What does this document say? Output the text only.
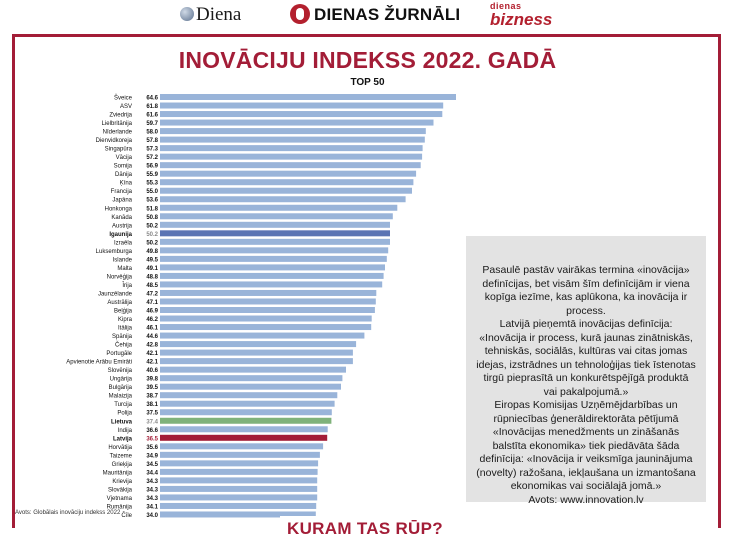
Diena	DIENAS ŽURNĀLI	dienas
bizness
INOVĀCIJU INDEKSS 2022. GADĀ
TOP 50
Šveice 64.6
ASV 61.8
Zviedrija 61.6
Lielbritānija 59.7
Nīderlande 58.0
Dienvidkoreja 57.8
Singapūra 57.3
Vācija 57.2
Somija 56.9
Dānija 55.9
Ķīna 55.3
Francija 55.0
Japāna 53.6
Honkonga 51.8
Kanāda 50.8
Austrija 50.2
Igaunija 50.2
Izraēla 50.2
Luksemburga 49.8
Islande 49.5
Malta 49.1
Norvēģija 48.8
Īrija 48.5
Jaunzēlande 47.2
Austrālija 47.1
Beļģija 46.9
Kipra 46.2
Itālija 46.1
Spānija 44.6
Čehija 42.8
Portugāle 42.1
Apvienotie Arābu Emirāti 42.1
Slovēnija 40.6
Ungārija 39.8
Bulgārija 39.5
Malaizija 38.7
Turcija 38.1
Polija 37.5
Lietuva 37.4
Indija 36.6
Latvija 36.5
Horvātija 35.6
Taizeme 34.9
Grieķija 34.5
Mauritānija 34.4
Krievija 34.3
Slovākija 34.3
Vjetnama 34.3
Rumānija 34.1
Čīle 34.0

Pasaulē pastāv vairākas termina «inovācija» definīcijas, bet visām šīm definīcijām ir viena kopīga iezīme, kas aplūkona, ka inovācija ir process.

Latvijā pieņemtā inovācijas definīcija:

«Inovācija ir process, kurā jaunas zinātniskās, tehniskās, sociālās, kultūras vai citas jomas idejas, izstrādnes un tehnoloģijas tiek īstenotas tirgū pieprasītā un konkurētspējīgā produktā vai pakalpojumā.»

Eiropas Komisijas Uzņēmējdarbības un rūpniecības ģenerāldirektorāta pētījumā «Inovācijas menedžments un zināšanās balstīta ekonomika» tiek piedāvāta šāda definīcija: «Inovācija ir veiksmīga jauninājuma (novelty) ražošana, iekļaušana un izmantošana ekonomikas vai sociālajā jomā.»

Avots: www.innovation.lv

Avots: Globālais inovāciju indekss 2022
KURAM TAS RŪP?
